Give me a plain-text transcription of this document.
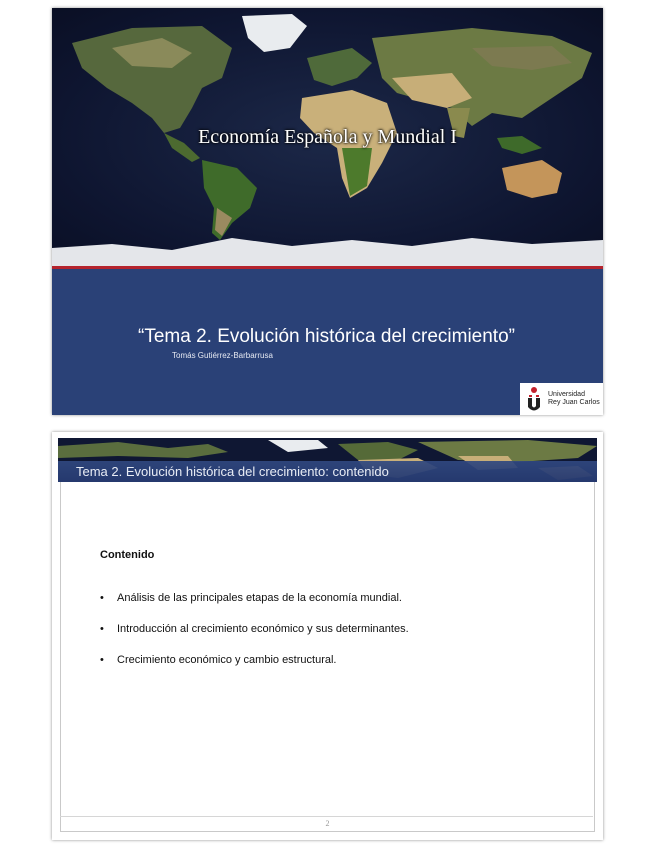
Economía Española y Mundial I
“Tema 2. Evolución histórica del crecimiento”
Tomás Gutiérrez-Barbarrusa
Universidad
Rey Juan Carlos
Tema 2. Evolución histórica del crecimiento: contenido
Contenido
• Análisis de las principales etapas de la economía mundial.
• Introducción al crecimiento económico y sus determinantes.
• Crecimiento económico y cambio estructural.
2
